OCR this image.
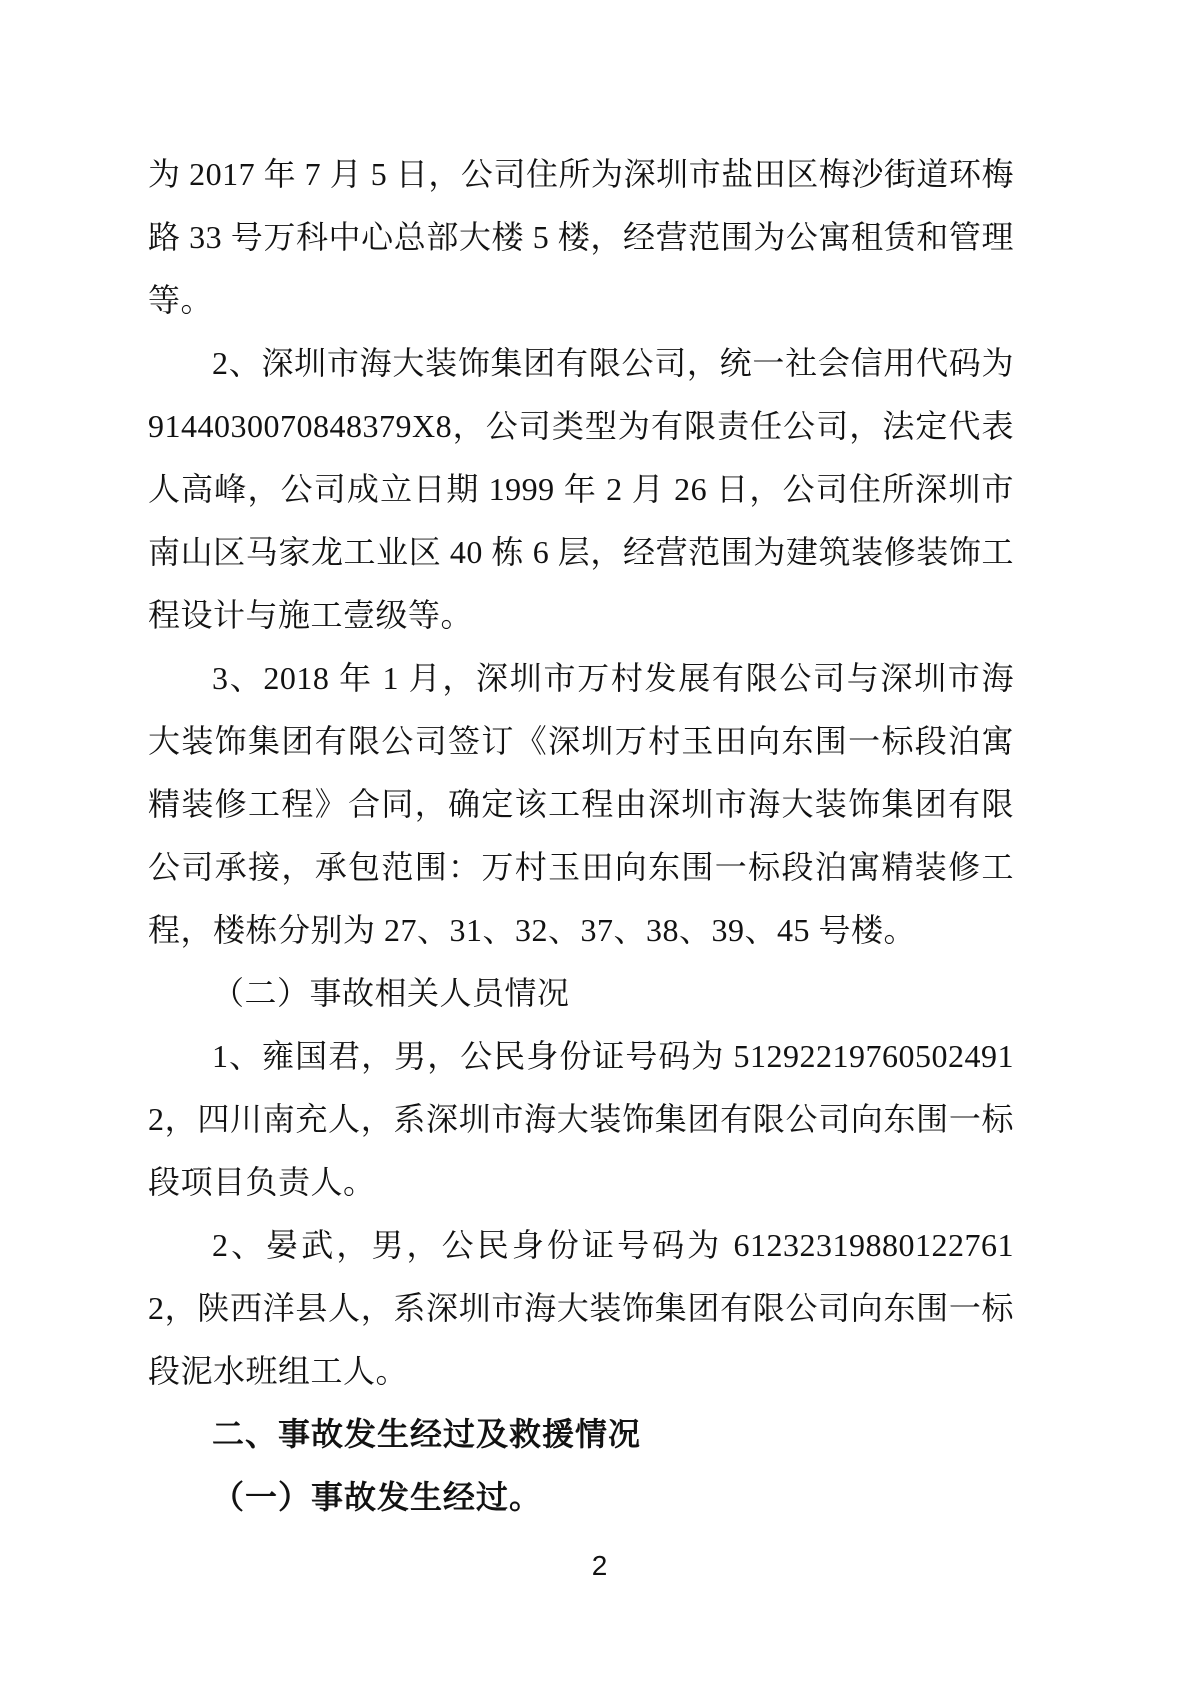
为 2017 年 7 月 5 日，公司住所为深圳市盐田区梅沙街道环梅路 33 号万科中心总部大楼 5 楼，经营范围为公寓租赁和管理等。

2、深圳市海大装饰集团有限公司，统一社会信用代码为 9144030070848379X8，公司类型为有限责任公司，法定代表人高峰，公司成立日期 1999 年 2 月 26 日，公司住所深圳市南山区马家龙工业区 40 栋 6 层，经营范围为建筑装修装饰工程设计与施工壹级等。

3、2018 年 1 月，深圳市万村发展有限公司与深圳市海大装饰集团有限公司签订《深圳万村玉田向东围一标段泊寓精装修工程》合同，确定该工程由深圳市海大装饰集团有限公司承接，承包范围：万村玉田向东围一标段泊寓精装修工程，楼栋分别为 27、31、32、37、38、39、45 号楼。

（二）事故相关人员情况

1、雍国君，男，公民身份证号码为 512922197605024912，四川南充人，系深圳市海大装饰集团有限公司向东围一标段项目负责人。

2、晏武，男，公民身份证号码为 612323198801227612，陕西洋县人，系深圳市海大装饰集团有限公司向东围一标段泥水班组工人。

二、事故发生经过及救援情况

（一）事故发生经过。

2
